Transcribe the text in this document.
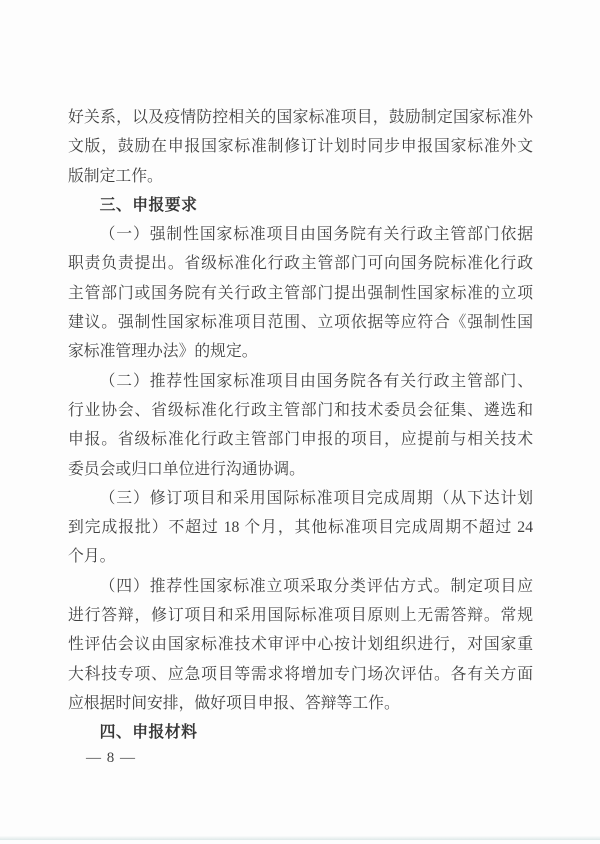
好关系，以及疫情防控相关的国家标准项目，鼓励制定国家标准外
文版，鼓励在申报国家标准制修订计划时同步申报国家标准外文
版制定工作。
三、申报要求
（一）强制性国家标准项目由国务院有关行政主管部门依据
职责负责提出。省级标准化行政主管部门可向国务院标准化行政
主管部门或国务院有关行政主管部门提出强制性国家标准的立项
建议。强制性国家标准项目范围、立项依据等应符合《强制性国
家标准管理办法》的规定。
（二）推荐性国家标准项目由国务院各有关行政主管部门、
行业协会、省级标准化行政主管部门和技术委员会征集、遴选和
申报。省级标准化行政主管部门申报的项目，应提前与相关技术
委员会或归口单位进行沟通协调。
（三）修订项目和采用国际标准项目完成周期（从下达计划
到完成报批）不超过 18 个月，其他标准项目完成周期不超过 24
个月。
（四）推荐性国家标准立项采取分类评估方式。制定项目应
进行答辩，修订项目和采用国际标准项目原则上无需答辩。常规
性评估会议由国家标准技术审评中心按计划组织进行，对国家重
大科技专项、应急项目等需求将增加专门场次评估。各有关方面
应根据时间安排，做好项目申报、答辩等工作。
四、申报材料
— 8 —
